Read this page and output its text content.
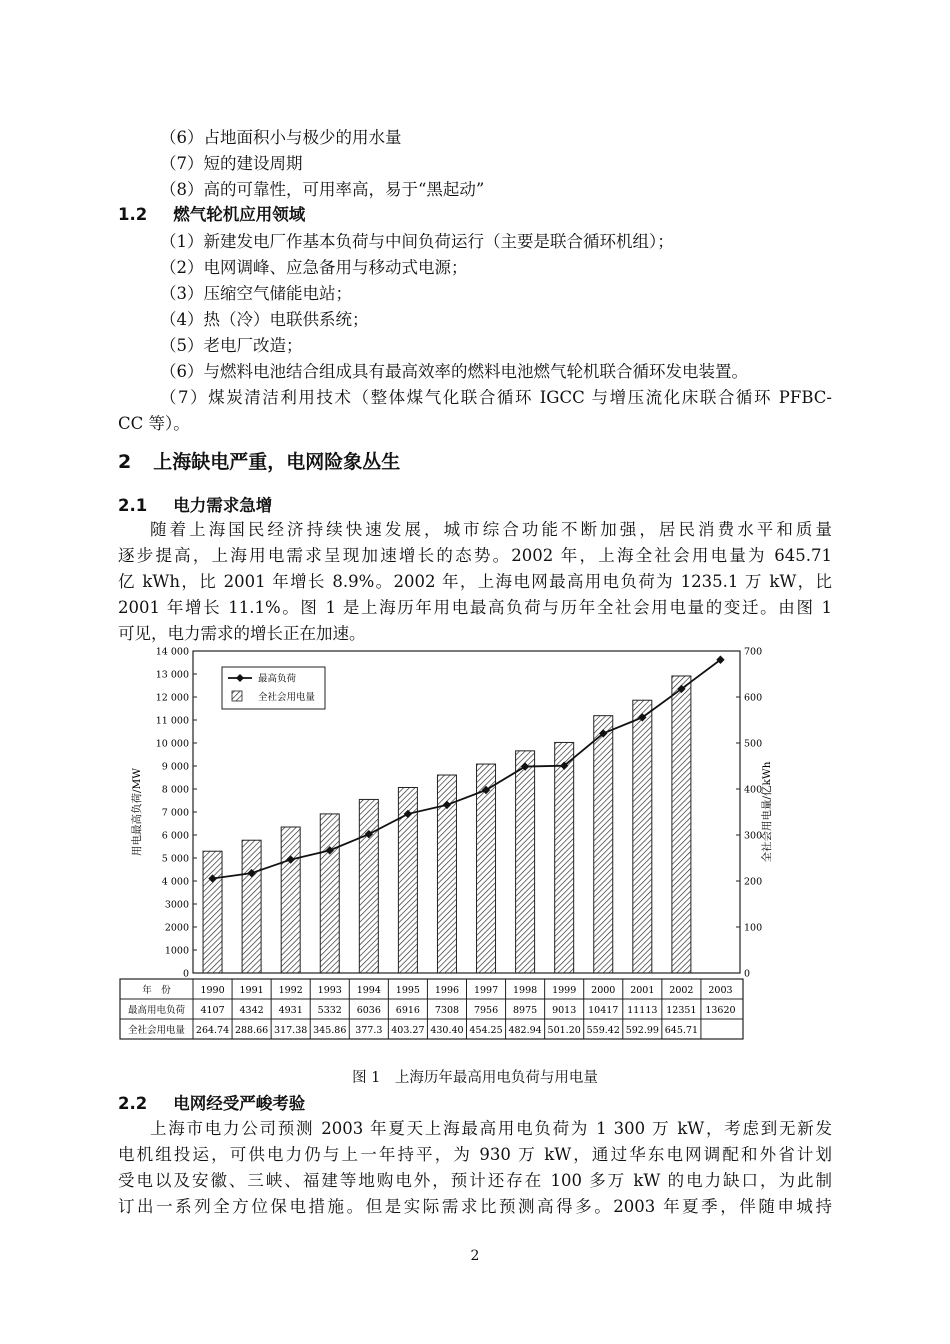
（6）占地面积小与极少的用水量
（7）短的建设周期
（8）高的可靠性，可用率高，易于“黑起动”
1.2 燃气轮机应用领域
（1）新建发电厂作基本负荷与中间负荷运行（主要是联合循环机组）；
（2）电网调峰、应急备用与移动式电源；
（3）压缩空气储能电站；
（4）热（冷）电联供系统；
（5）老电厂改造；
（6）与燃料电池结合组成具有最高效率的燃料电池燃气轮机联合循环发电装置。
（7）煤炭清洁利用技术（整体煤气化联合循环 IGCC 与增压流化床联合循环 PFBC-
CC 等）。
2 上海缺电严重，电网险象丛生
2.1 电力需求急增
随着上海国民经济持续快速发展，城市综合功能不断加强，居民消费水平和质量
逐步提高，上海用电需求呈现加速增长的态势。2002 年，上海全社会用电量为 645.71
亿 kWh，比 2001 年增长 8.9%。2002 年，上海电网最高用电负荷为 1235.1 万 kW，比
2001 年增长 11.1%。图 1 是上海历年用电最高负荷与历年全社会用电量的变迁。由图 1
可见，电力需求的增长正在加速。
0
1000
2000
3000
4 000
5 000
6 000
7 000
8 000
9 000
10 000
11 000
12 000
13 000
14 000
0
100
200
300
400
500
600
700
用电最高负荷/MW	全社会用电量/亿kWh
最高负荷
全社会用电量
年　份
最高用电负荷
全社会用电量
1990 1991 1992 1993 1994 1995 1996 1997 1998 1999 2000 2001 2002 2003
4107 4342 4931 5332 6036 6916 7308 7956 8975 9013 10417 11113 12351 13620
264.74 288.66 317.38 345.86 377.3 403.27 430.40 454.25 482.94 501.20 559.42 592.99 645.71
图 1　上海历年最高用电负荷与用电量
2.2 电网经受严峻考验
上海市电力公司预测 2003 年夏天上海最高用电负荷为 1 300 万 kW，考虑到无新发
电机组投运，可供电力仍与上一年持平，为 930 万 kW，通过华东电网调配和外省计划
受电以及安徽、三峡、福建等地购电外，预计还存在 100 多万 kW 的电力缺口，为此制
订出一系列全方位保电措施。但是实际需求比预测高得多。2003 年夏季，伴随申城持
2
